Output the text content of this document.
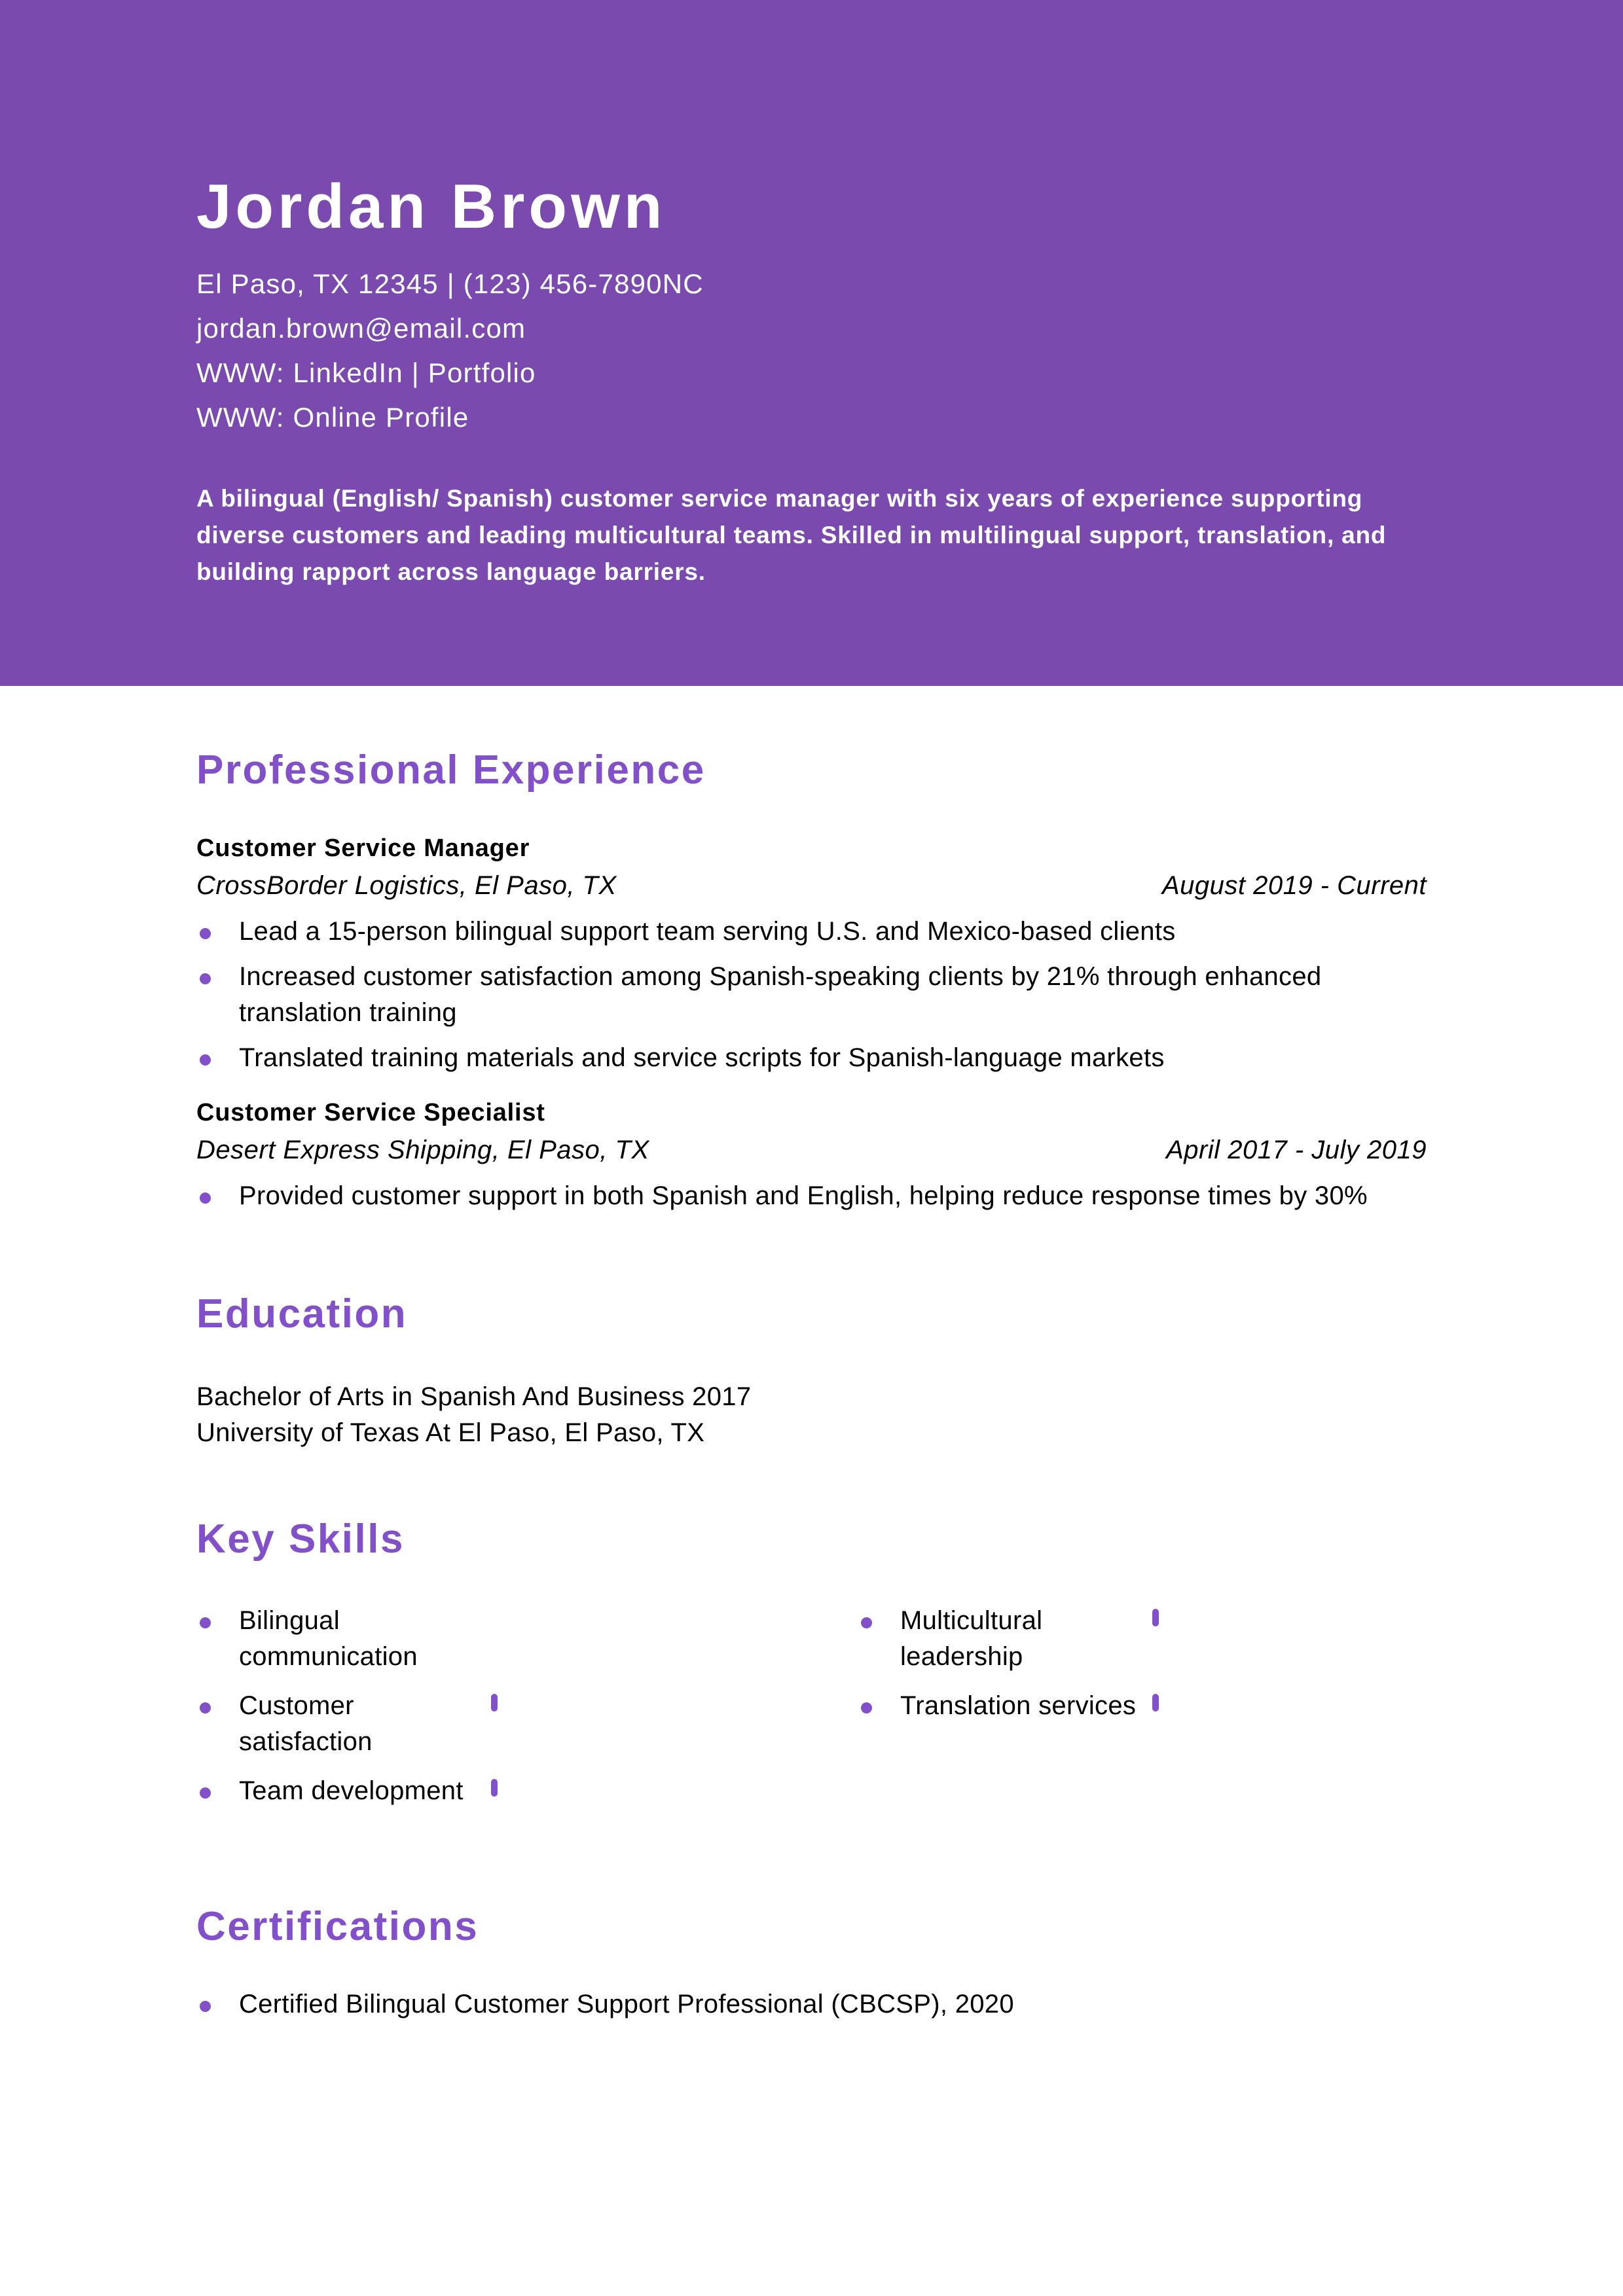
Jordan Brown
El Paso, TX 12345 | (123) 456-7890NC
jordan.brown@email.com
WWW: LinkedIn | Portfolio
WWW: Online Profile
A bilingual (English/ Spanish) customer service manager with six years of experience supporting diverse customers and leading multicultural teams. Skilled in multilingual support, translation, and building rapport across language barriers.
Professional Experience
Customer Service Manager
CrossBorder Logistics, El Paso, TX	August 2019 - Current
Lead a 15-person bilingual support team serving U.S. and Mexico-based clients
Increased customer satisfaction among Spanish-speaking clients by 21% through enhanced translation training
Translated training materials and service scripts for Spanish-language markets
Customer Service Specialist
Desert Express Shipping, El Paso, TX	April 2017 - July 2019
Provided customer support in both Spanish and English, helping reduce response times by 30%
Education
Bachelor of Arts in Spanish And Business 2017
University of Texas At El Paso, El Paso, TX
Key Skills
Bilingual communication
Multicultural leadership
Customer satisfaction
Translation services
Team development
Certifications
Certified Bilingual Customer Support Professional (CBCSP), 2020
